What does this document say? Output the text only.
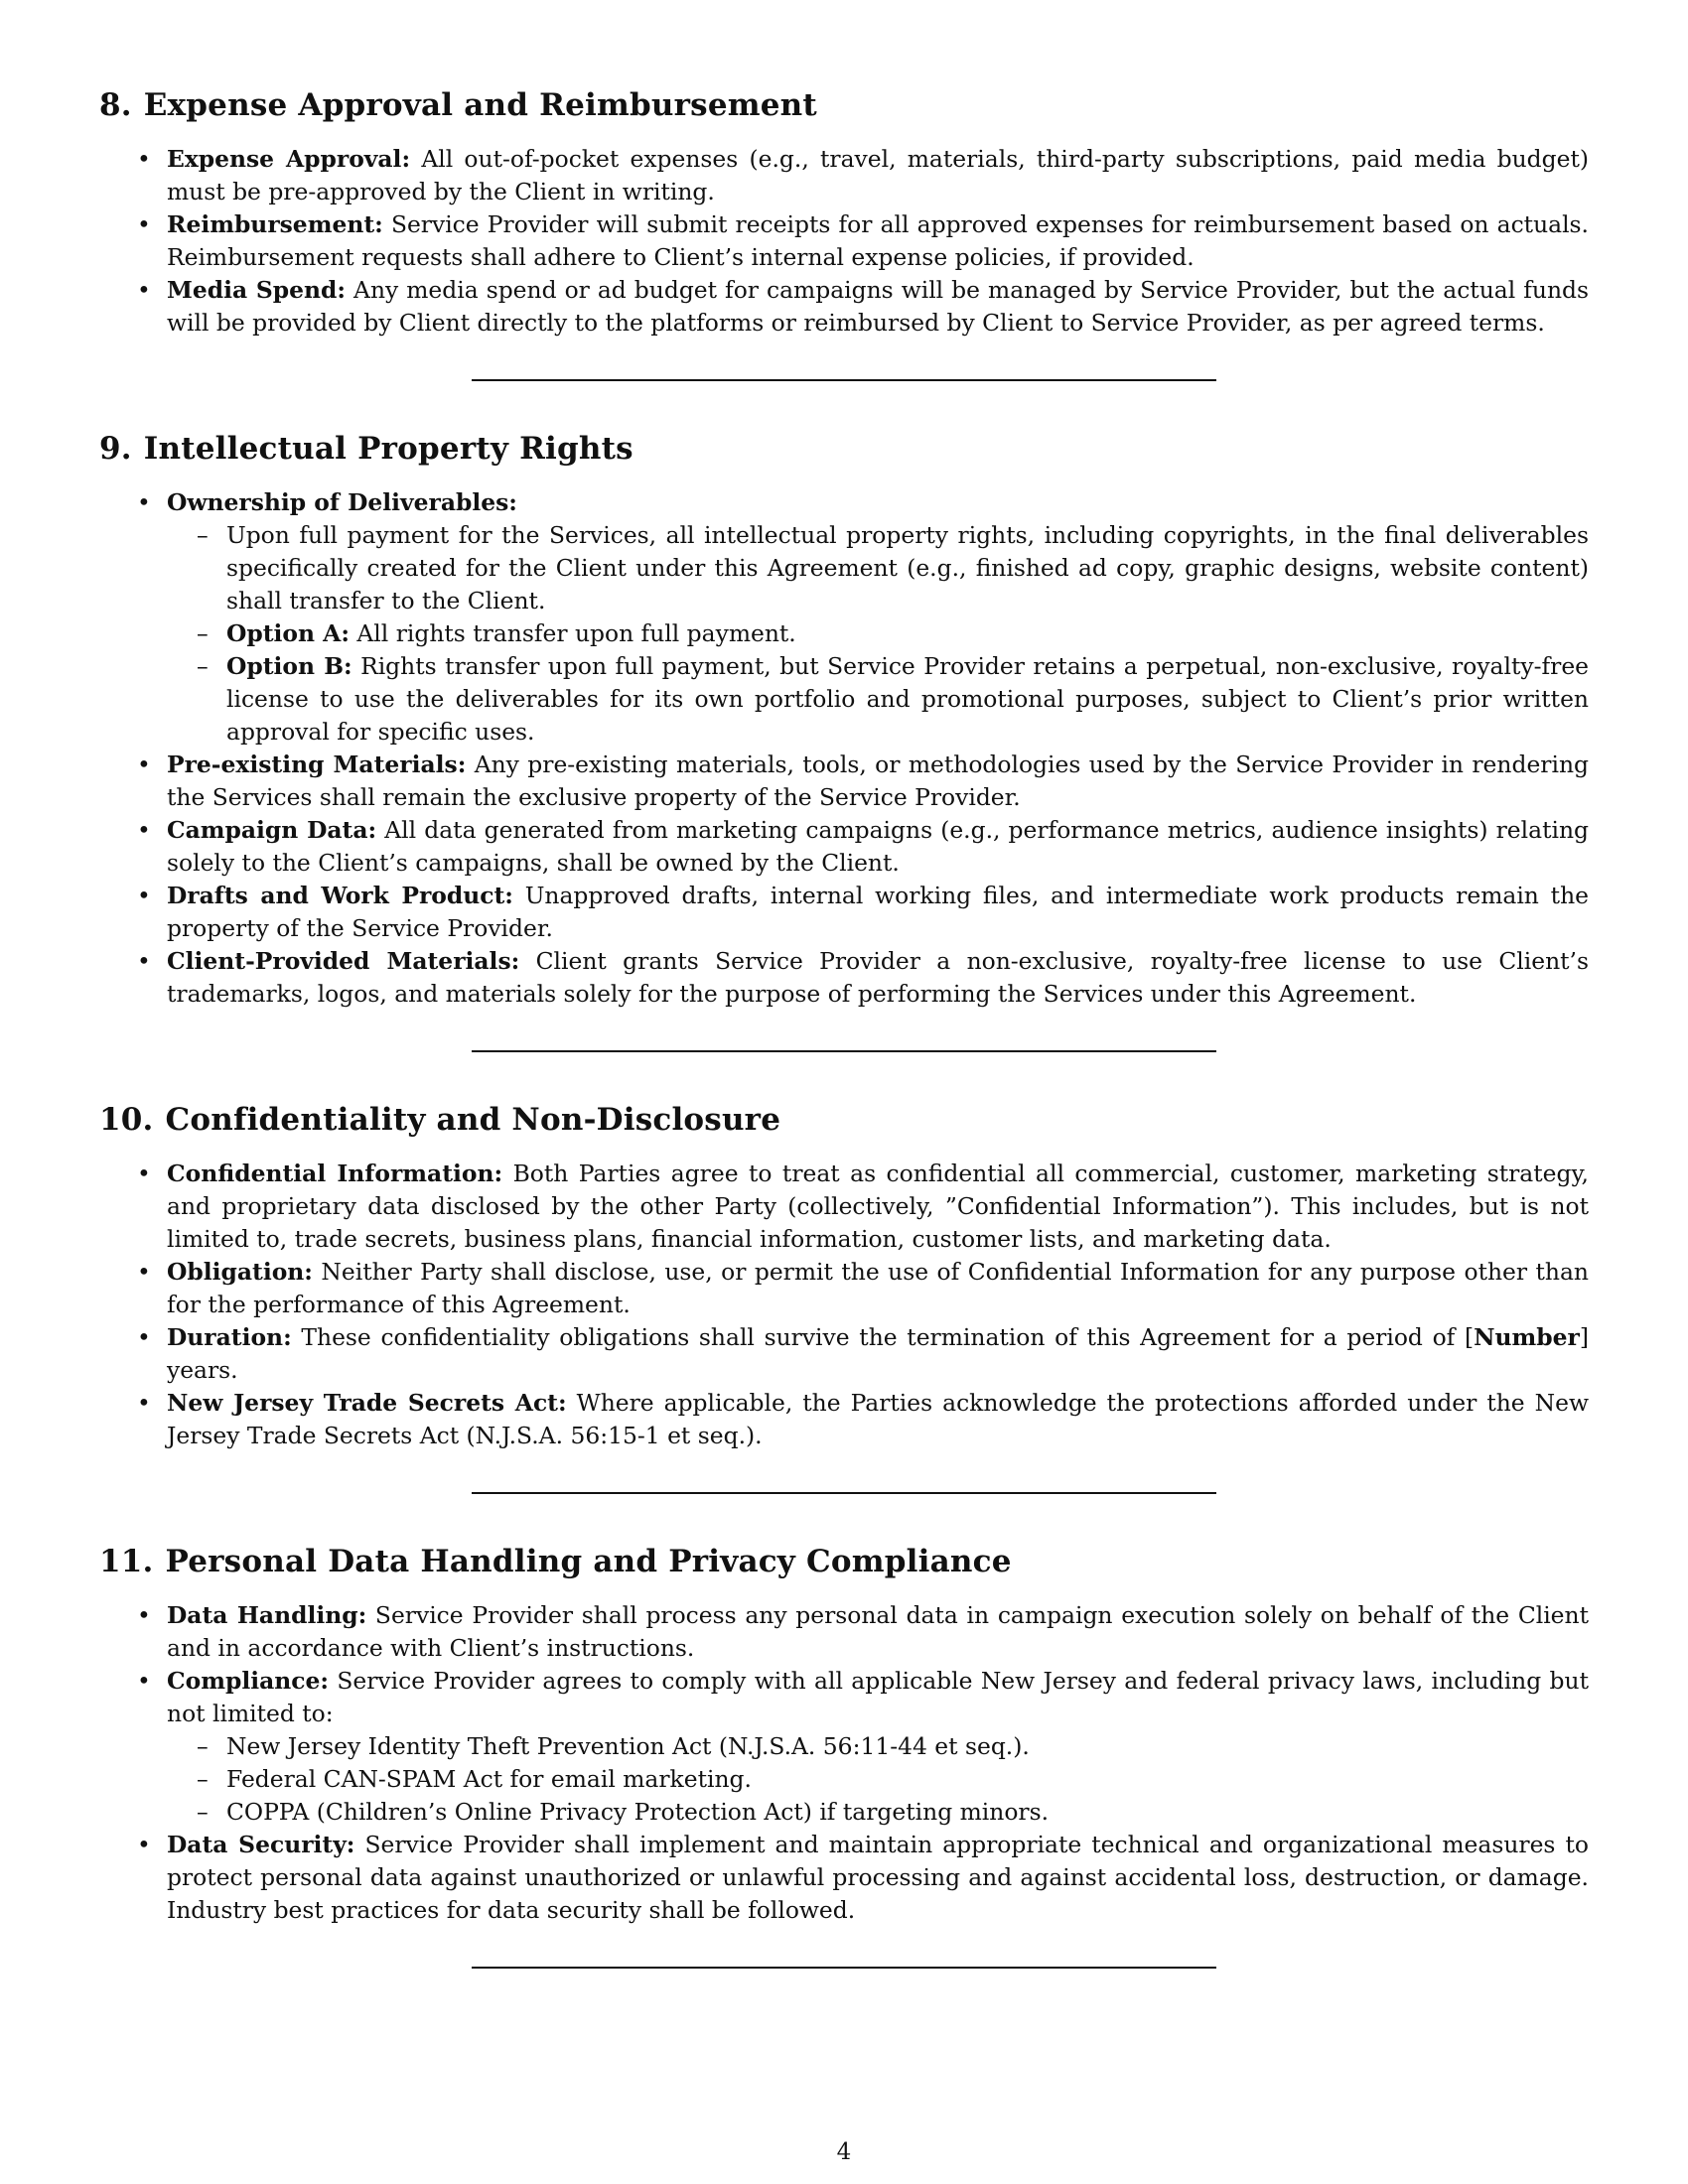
8. Expense Approval and Reimbursement
• Expense Approval: All out-of-pocket expenses (e.g., travel, materials, third-party subscriptions, paid media budget) must be pre-approved by the Client in writing.
• Reimbursement: Service Provider will submit receipts for all approved expenses for reimbursement based on actuals. Reimbursement requests shall adhere to Client’s internal expense policies, if provided.
• Media Spend: Any media spend or ad budget for campaigns will be managed by Service Provider, but the actual funds will be provided by Client directly to the platforms or reimbursed by Client to Service Provider, as per agreed terms.
9. Intellectual Property Rights
• Ownership of Deliverables:
– Upon full payment for the Services, all intellectual property rights, including copyrights, in the final deliverables specifically created for the Client under this Agreement (e.g., finished ad copy, graphic designs, website content) shall transfer to the Client.
– Option A: All rights transfer upon full payment.
– Option B: Rights transfer upon full payment, but Service Provider retains a perpetual, non-exclusive, royalty-free license to use the deliverables for its own portfolio and promotional purposes, subject to Client’s prior written approval for specific uses.
• Pre-existing Materials: Any pre-existing materials, tools, or methodologies used by the Service Provider in rendering the Services shall remain the exclusive property of the Service Provider.
• Campaign Data: All data generated from marketing campaigns (e.g., performance metrics, audience insights) relating solely to the Client’s campaigns, shall be owned by the Client.
• Drafts and Work Product: Unapproved drafts, internal working files, and intermediate work products remain the property of the Service Provider.
• Client-Provided Materials: Client grants Service Provider a non-exclusive, royalty-free license to use Client’s trademarks, logos, and materials solely for the purpose of performing the Services under this Agreement.
10. Confidentiality and Non-Disclosure
• Confidential Information: Both Parties agree to treat as confidential all commercial, customer, marketing strategy, and proprietary data disclosed by the other Party (collectively, ”Confidential Information”). This includes, but is not limited to, trade secrets, business plans, financial information, customer lists, and marketing data.
• Obligation: Neither Party shall disclose, use, or permit the use of Confidential Information for any purpose other than for the performance of this Agreement.
• Duration: These confidentiality obligations shall survive the termination of this Agreement for a period of [Number] years.
• New Jersey Trade Secrets Act: Where applicable, the Parties acknowledge the protections afforded under the New Jersey Trade Secrets Act (N.J.S.A. 56:15-1 et seq.).
11. Personal Data Handling and Privacy Compliance
• Data Handling: Service Provider shall process any personal data in campaign execution solely on behalf of the Client and in accordance with Client’s instructions.
• Compliance: Service Provider agrees to comply with all applicable New Jersey and federal privacy laws, including but not limited to:
– New Jersey Identity Theft Prevention Act (N.J.S.A. 56:11-44 et seq.).
– Federal CAN-SPAM Act for email marketing.
– COPPA (Children’s Online Privacy Protection Act) if targeting minors.
• Data Security: Service Provider shall implement and maintain appropriate technical and organizational measures to protect personal data against unauthorized or unlawful processing and against accidental loss, destruction, or damage. Industry best practices for data security shall be followed.
4
